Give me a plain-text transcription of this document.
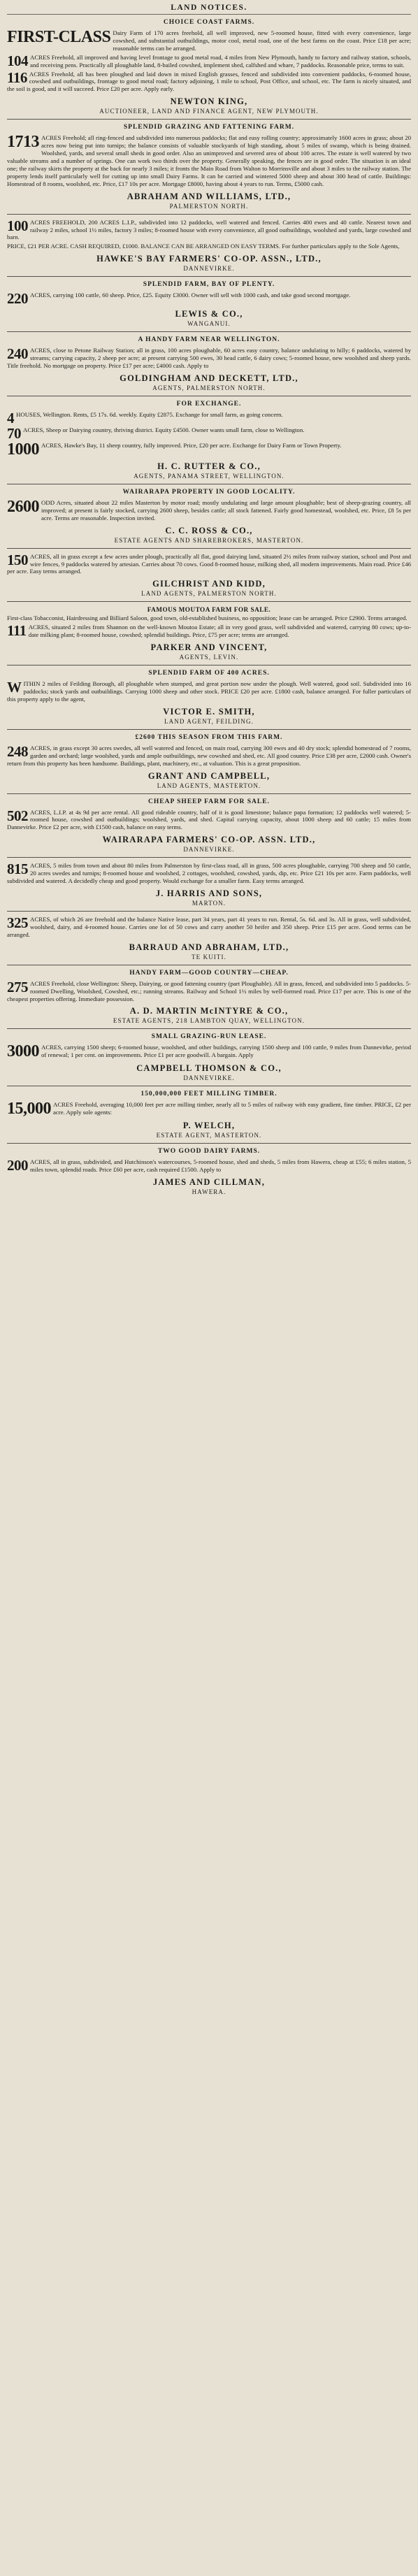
LAND NOTICES.
CHOICE COAST FARMS.

FIRST-CLASS Dairy Farm of 170 acres freehold, all well improved, new 5-roomed house, fitted with every convenience, large cowshed, and substantial outbuildings, motor cool, metal road, one of the best farms on the coast. Price £18 per acre; reasonable terms can be arranged.

104 ACRES Freehold, all improved and having level frontage to good metal road, 4 miles from New Plymouth, handy to factory and railway station, schools, and receiving pens. Practically all ploughable land, 8-bailed cowshed, implement shed, calfshed and whare, 7 paddocks. Reasonable price, terms to suit.

116 ACRES Freehold, all has been ploughed and laid down in mixed English grasses, fenced and subdivided into convenient paddocks, 6-roomed house, cowshed and outbuildings, frontage to good metal road; factory adjoining, 1 mile to school, Post Office, and school, etc. The farm is nicely situated, and the soil is good, and it will succeed. Price £20 per acre. Apply early.

NEWTON KING,
AUCTIONEER, LAND AND FINANCE AGENT, NEW PLYMOUTH.
SPLENDID GRAZING AND FATTENING FARM.

1713 ACRES Freehold; all ring-fenced and subdivided into numerous paddocks; flat and easy rolling country; approximately 1600 acres in grass; about 20 acres now being put into turnips; the balance consists of valuable stockyards of high standing, about 5 miles of swamp, which is being drained. Woolshed, yards, and several small sheds in good order. Also an unimproved and severed area of about 100 acres. The estate is well watered by two valuable streams and a number of springs. One can work two thirds over the property. Generally speaking, the fences are in good order. The situation is an ideal one; the railway skirts the property at the back for nearly 3 miles; it fronts the Main Road from Walton to Morrinsville and about 3 miles to the railway station. The property lends itself particularly well for cutting up into small Dairy Farms. It can be carried and wintered 5000 sheep and about 300 head of cattle. Buildings: Homestead of 8 rooms, woolshed, etc. Price, £17 10s per acre. Mortgage £8000, having about 4 years to run. Terms, £5000 cash.

ABRAHAM AND WILLIAMS, LTD.,
PALMERSTON NORTH.

100 ACRES FREEHOLD, 200 ACRES L.I.P., subdivided into 12 paddocks, well watered and fenced. Carries 400 ewes and 40 cattle. Nearest town and railway 2 miles, school 1½ miles, factory 3 miles; 8-roomed house with every convenience, all good outbuildings, woolshed and yards, large cowshed and barn.

PRICE, £21 PER ACRE. CASH REQUIRED, £1000. BALANCE CAN BE ARRANGED ON EASY TERMS. For further particulars apply to the Sole Agents,

HAWKE'S BAY FARMERS' CO-OP. ASSN., LTD.,
DANNEVIRKE.
SPLENDID FARM, BAY OF PLENTY.

220 ACRES, carrying 100 cattle, 60 sheep. Price, £25. Equity £3000. Owner will sell with 1000 cash, and take good second mortgage.

LEWIS & CO.,
WANGANUI.
A HANDY FARM NEAR WELLINGTON.

240 ACRES, close to Petone Railway Station; all in grass, 100 acres ploughable, 60 acres easy country, balance undulating to hilly; 6 paddocks, watered by streams; carrying capacity, 2 sheep per acre; at present carrying 500 ewes, 30 head cattle, 6 dairy cows; 5-roomed house, new woolshed and sheep yards. Title freehold. No mortgage on property. Price £17 per acre; £4000 cash. Apply to

GOLDINGHAM AND DECKETT, LTD.,
AGENTS, PALMERSTON NORTH.
FOR EXCHANGE.

4 HOUSES, Wellington. Rents, £5 17s. 6d. weekly. Equity £2875. Exchange for small farm, as going concern.

70 ACRES, Sheep or Dairying country, thriving district. Equity £4500. Owner wants small farm, close to Wellington.

1000 ACRES, Hawke's Bay, 11 sheep country, fully improved. Price, £20 per acre. Exchange for Dairy Farm or Town Property.

H. C. RUTTER & CO.,
AGENTS, PANAMA STREET, WELLINGTON.
WAIRARAPA PROPERTY IN GOOD LOCALITY.

2600 ODD Acres, situated about 22 miles Masterton by motor road; mostly undulating and large amount ploughable; best of sheep-grazing country, all improved; at present is fairly stocked, carrying 2600 sheep, besides cattle; all stock fattened. Fairly good homestead, woolshed, etc. Price, £8 5s per acre. Terms are reasonable. Inspection invited.

C. C. ROSS & CO.,
ESTATE AGENTS AND SHAREBROKERS, MASTERTON.

150 ACRES, all in grass except a few acres under plough, practically all flat, good dairying land, situated 2½ miles from railway station, school and Post and wire fences, 9 paddocks watered by artesian. Carries about 70 cows. Good 8-roomed house, milking shed, all modern improvements. Main road. Price £46 per acre. Easy terms arranged.

GILCHRIST AND KIDD,
LAND AGENTS, PALMERSTON NORTH.
FAMOUS MOUTOA FARM FOR SALE.

First-class Tobacconist, Hairdressing and Billiard Saloon, good town, old-established business, no opposition; lease can be arranged. Price £2900. Terms arranged.

111 ACRES, situated 2 miles from Shannon on the well-known Moutoa Estate; all in very good grass, well subdivided and watered, carrying 80 cows; up-to-date milking plant; 8-roomed house, cowshed; splendid buildings. Price, £75 per acre; terms are arranged.

PARKER AND VINCENT,
AGENTS, LEVIN.
SPLENDID FARM OF 400 ACRES.

WITHIN 2 miles of Feilding Borough, all ploughable when stumped, and great portion now under the plough. Well watered, good soil. Subdivided into 16 paddocks; stock yards and outbuildings. Carrying 1000 sheep and other stock. PRICE £20 per acre. £1800 cash, balance arranged. For fuller particulars of this property apply to the agent,

VICTOR E. SMITH,
LAND AGENT, FEILDING.
£2600 THIS SEASON FROM THIS FARM.

248 ACRES, in grass except 30 acres swedes, all well watered and fenced, on main road, carrying 300 ewes and 40 dry stock; splendid homestead of 7 rooms, garden and orchard; large woolshed, yards and ample outbuildings, new cowshed and shed, etc. All good country. Price £38 per acre, £2000 cash. Owner's return from this property has been handsome. Buildings, plant, machinery, etc., at valuation. This is a great proposition.

GRANT AND CAMPBELL,
LAND AGENTS, MASTERTON.
CHEAP SHEEP FARM FOR SALE.

502 ACRES, L.I.P. at 4s 9d per acre rental. All good rideable country, half of it is good limestone; balance papa formation; 12 paddocks well watered; 5-roomed house, cowshed and outbuildings; woolshed, yards, and shed. Capital carrying capacity, about 1000 sheep and 60 cattle; 15 miles from Dannevirke. Price £2 per acre, with £1500 cash, balance on easy terms.

WAIRARAPA FARMERS' CO-OP. ASSN. LTD.,
DANNEVIRKE.

815 ACRES, 5 miles from town and about 80 miles from Palmerston by first-class road, all in grass, 500 acres ploughable, carrying 700 sheep and 50 cattle, 20 acres swedes and turnips; 8-roomed house and woolshed, 2 cottages, woolshed, cowshed, yards, dip, etc. Price £21 10s per acre. Farm paddocks, well subdivided and watered. A decidedly cheap and good property. Would exchange for a smaller farm. Easy terms arranged.

J. HARRIS AND SONS,
MARTON.

325 ACRES, of which 26 are freehold and the balance Native lease, part 34 years, part 41 years to run. Rental, 5s. 6d. and 3s. All in grass, well subdivided, woolshed, dairy, and 4-roomed house. Carries one lot of 50 cows and carry another 50 heifer and 350 sheep. Price £15 per acre. Good terms can be arranged.

BARRAUD AND ABRAHAM, LTD.,
TE KUITI.
HANDY FARM—GOOD COUNTRY—CHEAP.

275 ACRES Freehold, close Wellington: Sheep, Dairying, or good fattening country (part Ploughable). All in grass, fenced, and subdivided into 5 paddocks. 5-roomed Dwelling, Woolshed, Cowshed, etc.; running streams. Railway and School 1½ miles by well-formed road. Price £17 per acre. This is one of the cheapest properties offering. Immediate possession.

A. D. MARTIN McINTYRE & CO.,
ESTATE AGENTS, 218 LAMBTON QUAY, WELLINGTON.
SMALL GRAZING-RUN LEASE.

3000 ACRES, carrying 1500 sheep; 6-roomed house, woolshed, and other buildings, carrying 1500 sheep and 100 cattle, 9 miles from Dannevirke, period of renewal; 1 per cent. on improvements. Price £1 per acre goodwill. A bargain. Apply

CAMPBELL THOMSON & CO.,
DANNEVIRKE.
150,000,000 FEET MILLING TIMBER.

15,000 ACRES Freehold, averaging 10,000 feet per acre milling timber, nearly all to 5 miles of railway with easy gradient, fine timber. PRICE, £2 per acre. Apply sole agents:

P. WELCH,
ESTATE AGENT, MASTERTON.
TWO GOOD DAIRY FARMS.

200 ACRES, all in grass, subdivided, and Hutchinson's watercourses, 5-roomed house, shed and sheds, 5 miles from Hawera, cheap at £55; 6 miles station, 5 miles town, splendid roads. Price £60 per acre, cash required £1500. Apply to

JAMES AND CILLMAN,
HAWERA.
